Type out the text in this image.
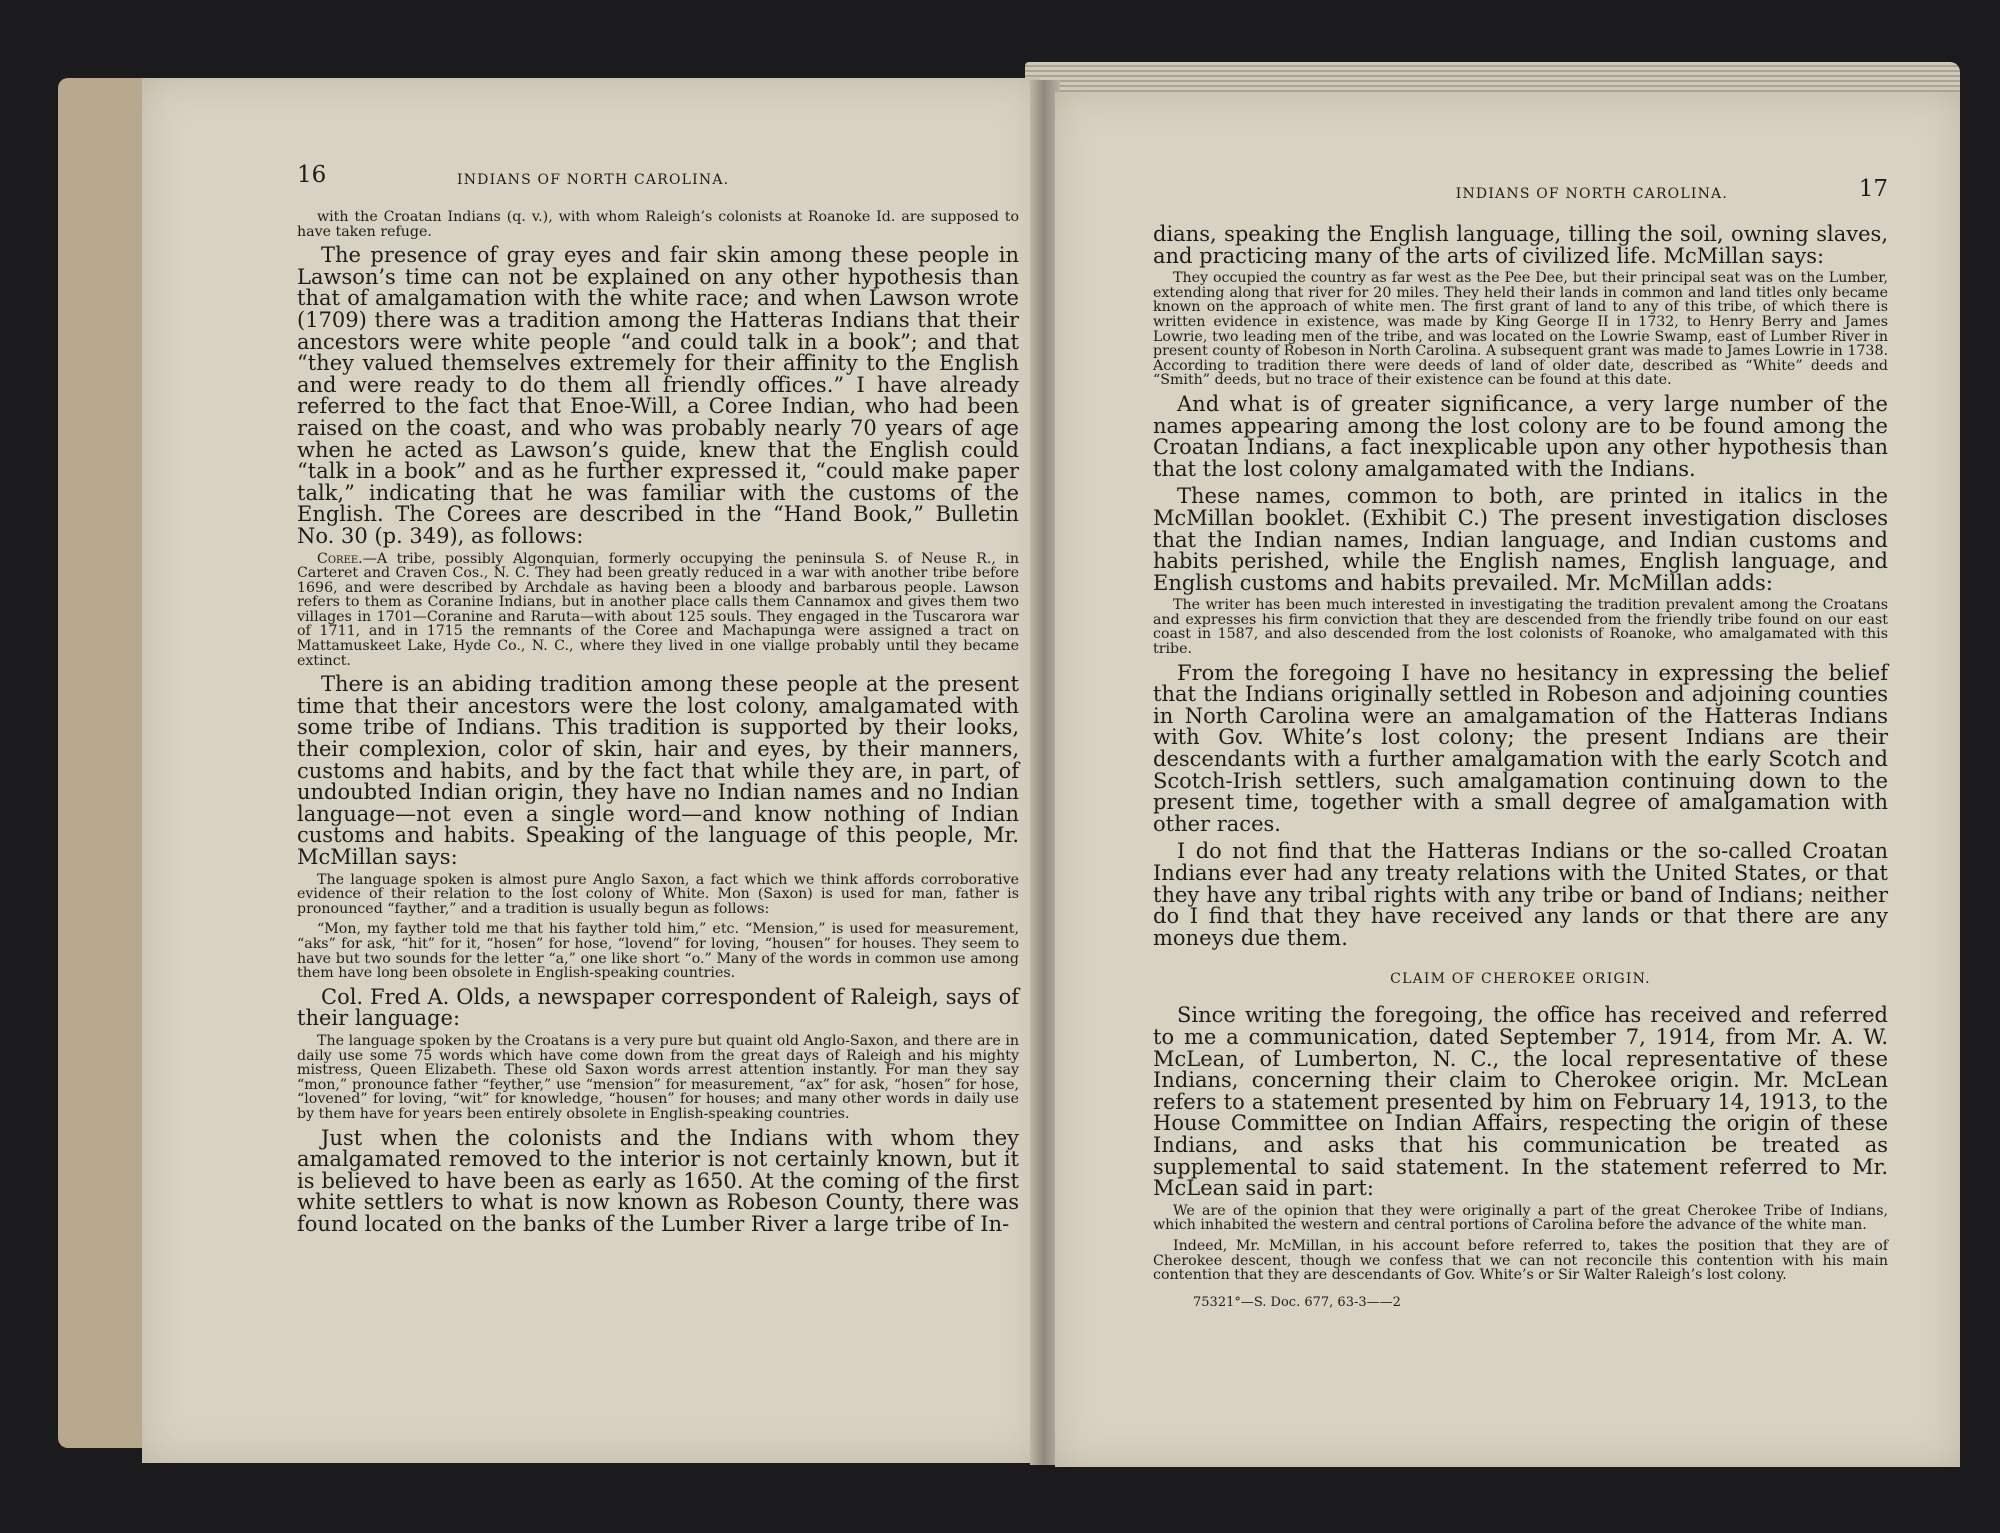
16	INDIANS OF NORTH CAROLINA.

with the Croatan Indians (q. v.), with whom Raleigh’s colonists at Roanoke Id. are supposed to have taken refuge.

The presence of gray eyes and fair skin among these people in Lawson’s time can not be explained on any other hypothesis than that of amalgamation with the white race; and when Lawson wrote (1709) there was a tradition among the Hatteras Indians that their ancestors were white people “and could talk in a book”; and that “they valued themselves extremely for their affinity to the English and were ready to do them all friendly offices.” I have already referred to the fact that Enoe-Will, a Coree Indian, who had been raised on the coast, and who was probably nearly 70 years of age when he acted as Lawson’s guide, knew that the English could “talk in a book” and as he further expressed it, “could make paper talk,” indicating that he was familiar with the customs of the English. The Corees are described in the “Hand Book,” Bulletin No. 30 (p. 349), as follows:

Coree.—A tribe, possibly Algonquian, formerly occupying the peninsula S. of Neuse R., in Carteret and Craven Cos., N. C. They had been greatly reduced in a war with another tribe before 1696, and were described by Archdale as having been a bloody and barbarous people. Lawson refers to them as Coranine Indians, but in another place calls them Cannamox and gives them two villages in 1701—Coranine and Raruta—with about 125 souls. They engaged in the Tuscarora war of 1711, and in 1715 the remnants of the Coree and Machapunga were assigned a tract on Mattamuskeet Lake, Hyde Co., N. C., where they lived in one viallge probably until they became extinct.

There is an abiding tradition among these people at the present time that their ancestors were the lost colony, amalgamated with some tribe of Indians. This tradition is supported by their looks, their complexion, color of skin, hair and eyes, by their manners, customs and habits, and by the fact that while they are, in part, of undoubted Indian origin, they have no Indian names and no Indian language—not even a single word—and know nothing of Indian customs and habits. Speaking of the language of this people, Mr. McMillan says:

The language spoken is almost pure Anglo Saxon, a fact which we think affords corroborative evidence of their relation to the lost colony of White. Mon (Saxon) is used for man, father is pronounced “fayther,” and a tradition is usually begun as follows:

“Mon, my fayther told me that his fayther told him,” etc. “Mension,” is used for measurement, “aks” for ask, “hit” for it, “hosen” for hose, “lovend” for loving, “housen” for houses. They seem to have but two sounds for the letter “a,” one like short “o.” Many of the words in common use among them have long been obsolete in English-speaking countries.

Col. Fred A. Olds, a newspaper correspondent of Raleigh, says of their language:

The language spoken by the Croatans is a very pure but quaint old Anglo-Saxon, and there are in daily use some 75 words which have come down from the great days of Raleigh and his mighty mistress, Queen Elizabeth. These old Saxon words arrest attention instantly. For man they say “mon,” pronounce father “feyther,” use “mension” for measurement, “ax” for ask, “hosen” for hose, “lovened” for loving, “wit” for knowledge, “housen” for houses; and many other words in daily use by them have for years been entirely obsolete in English-speaking countries.

Just when the colonists and the Indians with whom they amalgamated removed to the interior is not certainly known, but it is believed to have been as early as 1650. At the coming of the first white settlers to what is now known as Robeson County, there was found located on the banks of the Lumber River a large tribe of In-

INDIANS OF NORTH CAROLINA.	17

dians, speaking the English language, tilling the soil, owning slaves, and practicing many of the arts of civilized life. McMillan says:

They occupied the country as far west as the Pee Dee, but their principal seat was on the Lumber, extending along that river for 20 miles. They held their lands in common and land titles only became known on the approach of white men. The first grant of land to any of this tribe, of which there is written evidence in existence, was made by King George II in 1732, to Henry Berry and James Lowrie, two leading men of the tribe, and was located on the Lowrie Swamp, east of Lumber River in present county of Robeson in North Carolina. A subsequent grant was made to James Lowrie in 1738. According to tradition there were deeds of land of older date, described as “White” deeds and “Smith” deeds, but no trace of their existence can be found at this date.

And what is of greater significance, a very large number of the names appearing among the lost colony are to be found among the Croatan Indians, a fact inexplicable upon any other hypothesis than that the lost colony amalgamated with the Indians.

These names, common to both, are printed in italics in the McMillan booklet. (Exhibit C.) The present investigation discloses that the Indian names, Indian language, and Indian customs and habits perished, while the English names, English language, and English customs and habits prevailed. Mr. McMillan adds:

The writer has been much interested in investigating the tradition prevalent among the Croatans and expresses his firm conviction that they are descended from the friendly tribe found on our east coast in 1587, and also descended from the lost colonists of Roanoke, who amalgamated with this tribe.

From the foregoing I have no hesitancy in expressing the belief that the Indians originally settled in Robeson and adjoining counties in North Carolina were an amalgamation of the Hatteras Indians with Gov. White’s lost colony; the present Indians are their descendants with a further amalgamation with the early Scotch and Scotch-Irish settlers, such amalgamation continuing down to the present time, together with a small degree of amalgamation with other races.

I do not find that the Hatteras Indians or the so-called Croatan Indians ever had any treaty relations with the United States, or that they have any tribal rights with any tribe or band of Indians; neither do I find that they have received any lands or that there are any moneys due them.

CLAIM OF CHEROKEE ORIGIN.

Since writing the foregoing, the office has received and referred to me a communication, dated September 7, 1914, from Mr. A. W. McLean, of Lumberton, N. C., the local representative of these Indians, concerning their claim to Cherokee origin. Mr. McLean refers to a statement presented by him on February 14, 1913, to the House Committee on Indian Affairs, respecting the origin of these Indians, and asks that his communication be treated as supplemental to said statement. In the statement referred to Mr. McLean said in part:

We are of the opinion that they were originally a part of the great Cherokee Tribe of Indians, which inhabited the western and central portions of Carolina before the advance of the white man.

Indeed, Mr. McMillan, in his account before referred to, takes the position that they are of Cherokee descent, though we confess that we can not reconcile this contention with his main contention that they are descendants of Gov. White’s or Sir Walter Raleigh’s lost colony.

75321°—S. Doc. 677, 63-3——2
